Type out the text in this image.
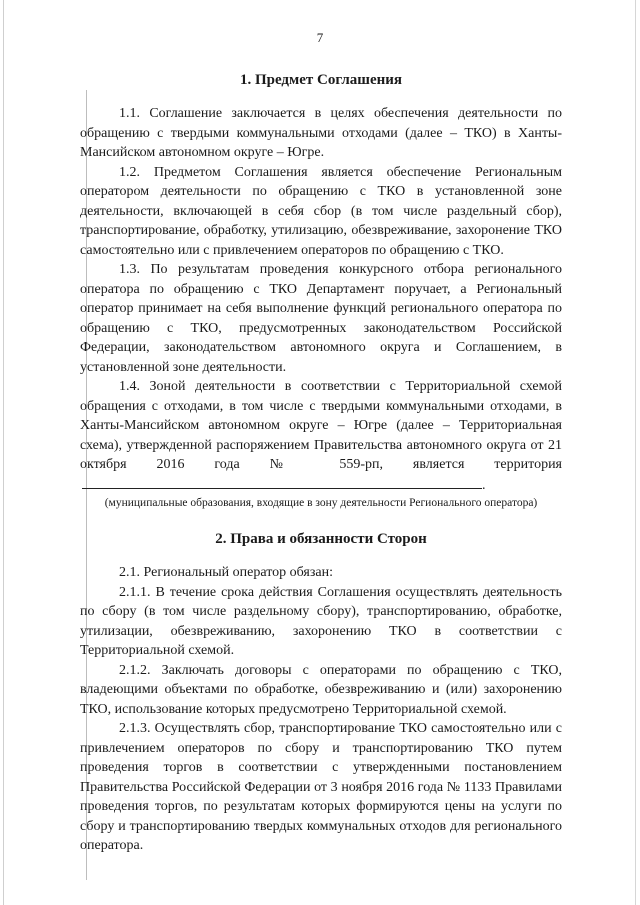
7
1. Предмет Соглашения

1.1. Соглашение заключается в целях обеспечения деятельности по обращению с твердыми коммунальными отходами (далее – ТКО) в Ханты-Мансийском автономном округе – Югре.

1.2. Предметом Соглашения является обеспечение Региональным оператором деятельности по обращению с ТКО в установленной зоне деятельности, включающей в себя сбор (в том числе раздельный сбор), транспортирование, обработку, утилизацию, обезвреживание, захоронение ТКО самостоятельно или с привлечением операторов по обращению с ТКО.

1.3. По результатам проведения конкурсного отбора регионального оператора по обращению с ТКО Департамент поручает, а Региональный оператор принимает на себя выполнение функций регионального оператора по обращению с ТКО, предусмотренных законодательством Российской Федерации, законодательством автономного округа и Соглашением, в установленной зоне деятельности.

1.4. Зоной деятельности в соответствии с Территориальной схемой обращения с отходами, в том числе с твердыми коммунальными отходами, в Ханты-Мансийском автономном округе – Югре (далее – Территориальная схема), утвержденной распоряжением Правительства автономного округа от 21 октября 2016 года № 559-рп, является территория.

(муниципальные образования, входящие в зону деятельности Регионального оператора)
2. Права и обязанности Сторон

2.1. Региональный оператор обязан:

2.1.1. В течение срока действия Соглашения осуществлять деятельность по сбору (в том числе раздельному сбору), транспортированию, обработке, утилизации, обезвреживанию, захоронению ТКО в соответствии с Территориальной схемой.

2.1.2. Заключать договоры с операторами по обращению с ТКО, владеющими объектами по обработке, обезвреживанию и (или) захоронению ТКО, использование которых предусмотрено Территориальной схемой.

2.1.3. Осуществлять сбор, транспортирование ТКО самостоятельно или с привлечением операторов по сбору и транспортированию ТКО путем проведения торгов в соответствии с утвержденными постановлением Правительства Российской Федерации от 3 ноября 2016 года № 1133 Правилами проведения торгов, по результатам которых формируются цены на услуги по сбору и транспортированию твердых коммунальных отходов для регионального оператора.
